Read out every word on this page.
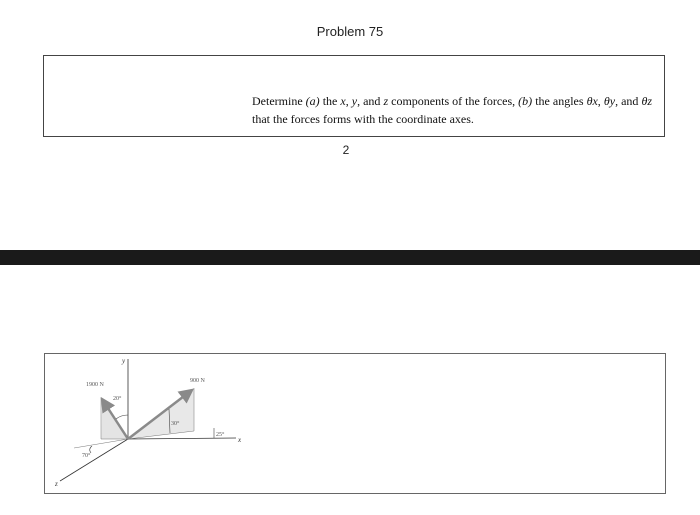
Problem 75
Determine (a) the x, y, and z components of the forces, (b) the angles θx, θy, and θz that the forces forms with the coordinate axes.
2
1900 N
900 N
20°
30°
25°
70°
x
y
z
